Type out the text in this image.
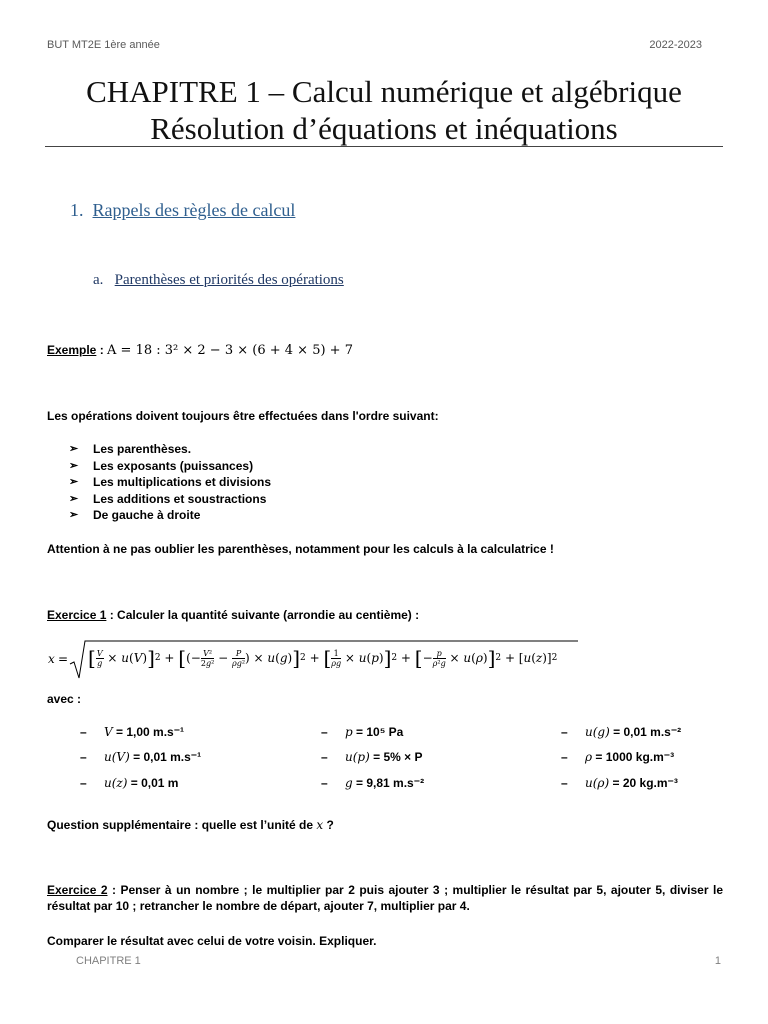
BUT MT2E 1ère année	2022-2023
CHAPITRE 1 – Calcul numérique et algébrique
Résolution d’équations et inéquations
1. Rappels des règles de calcul
a. Parenthèses et priorités des opérations
Exemple : A = 18 : 3² × 2 − 3 × (6 + 4 × 5) + 7
Les opérations doivent toujours être effectuées dans l'ordre suivant:
➢ Les parenthèses.
➢ Les exposants (puissances)
➢ Les multiplications et divisions
➢ Les additions et soustractions
➢ De gauche à droite
Attention à ne pas oublier les parenthèses, notamment pour les calculs à la calculatrice !
Exercice 1 : Calculer la quantité suivante (arrondie au centième) :
x = [ $\frac{V}{g} \times u(V)$ ] 2 + [ (− $\frac{\text{V²}}{\text{2g²}} - \frac{P}{\text{ρg²}}$ ) × u(g) ] 2 + [ $\frac{1}{\rho g} \times u(p)$ ] 2 + [ − $\frac{p}{\text{ρ²g}} \times u(\rho)$ ] 2 + [u(z)] 2
avec :
– V = 1,00 m.s⁻¹
– u(V) = 0,01 m.s⁻¹
– u(z) = 0,01 m
– p = 10⁵ Pa
– u(p) = 5% × P
– g = 9,81 m.s⁻²
– u(g) = 0,01 m.s⁻²
– ρ = 1000 kg.m⁻³
– u(ρ) = 20 kg.m⁻³
Question supplémentaire : quelle est l’unité de x ?
Exercice 2 : Penser à un nombre ; le multiplier par 2 puis ajouter 3 ; multiplier le résultat par 5, ajouter 5, diviser le résultat par 10 ; retrancher le nombre de départ, ajouter 7, multiplier par 4.
Comparer le résultat avec celui de votre voisin. Expliquer.
CHAPITRE 1	1
